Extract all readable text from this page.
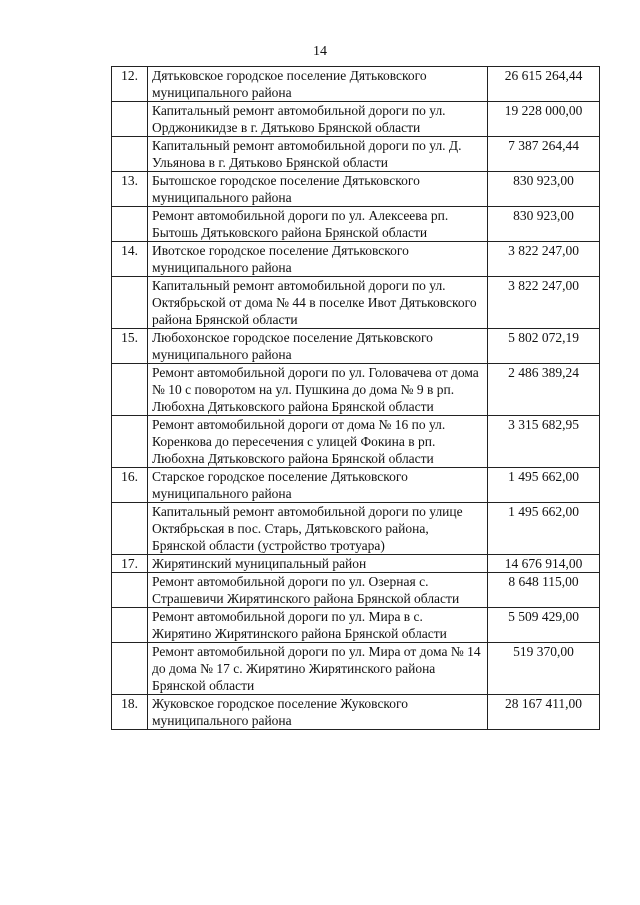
14
12.	Дятьковское городское поселение Дятьковского муниципального района	26 615 264,44
	Капитальный ремонт автомобильной дороги по ул. Орджоникидзе в г. Дятьково Брянской области	19 228 000,00
	Капитальный ремонт автомобильной дороги по ул. Д. Ульянова в г. Дятьково Брянской области	7 387 264,44
13.	Бытошское городское поселение Дятьковского муниципального района	830 923,00
	Ремонт автомобильной дороги по ул. Алексеева рп. Бытошь Дятьковского района Брянской области	830 923,00
14.	Ивотское городское поселение Дятьковского муниципального района	3 822 247,00
	Капитальный ремонт автомобильной дороги по ул. Октябрьской от дома № 44 в поселке Ивот Дятьковского района Брянской области	3 822 247,00
15.	Любохонское городское поселение Дятьковского муниципального района	5 802 072,19
	Ремонт автомобильной дороги по ул. Головачева от дома № 10 с поворотом на ул. Пушкина до дома № 9 в рп. Любохна Дятьковского района Брянской области	2 486 389,24
	Ремонт автомобильной дороги от дома № 16 по ул. Коренкова до пересечения с улицей Фокина в рп. Любохна Дятьковского района Брянской области	3 315 682,95
16.	Старское городское поселение Дятьковского муниципального района	1 495 662,00
	Капитальный ремонт автомобильной дороги по улице Октябрьская в пос. Старь, Дятьковского района, Брянской области (устройство тротуара)	1 495 662,00
17.	Жирятинский муниципальный район	14 676 914,00
	Ремонт автомобильной дороги по ул. Озерная с. Страшевичи Жирятинского района Брянской области	8 648 115,00
	Ремонт автомобильной дороги по ул. Мира в с. Жирятино Жирятинского района Брянской области	5 509 429,00
	Ремонт автомобильной дороги по ул. Мира от дома № 14 до дома № 17 с. Жирятино Жирятинского района Брянской области	519 370,00
18.	Жуковское городское поселение Жуковского муниципального района	28 167 411,00
